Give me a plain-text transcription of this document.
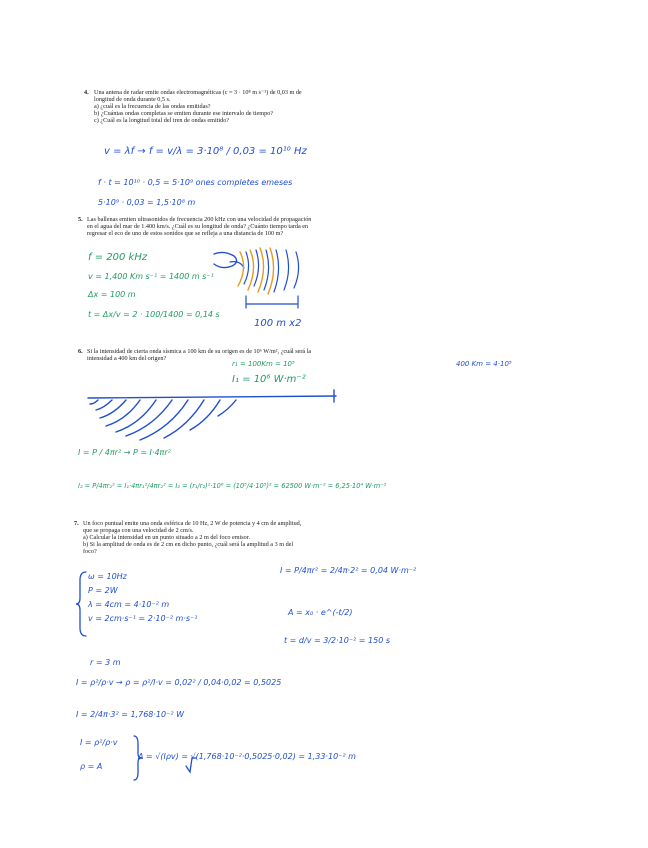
4. Una antena de radar emite ondas electromagnéticas (c = 3 · 10⁸ m s⁻¹) de 0,03 m de
longitud de onda durante 0,5 s.
a) ¿cuál es la frecuencia de las ondas emitidas?
b) ¿Cuántas ondas completas se emiten durante ese intervalo de tiempo?
c) ¿Cuál es la longitud total del tren de ondas emitido?
v = λf → f = v/λ = 3·10⁸ / 0,03 = 10¹⁰ Hz
f · t = 10¹⁰ · 0,5 = 5·10⁹ ones completes emeses
5·10⁹ · 0,03 = 1,5·10⁸ m
5. Las ballenas emiten ultrasonidos de frecuencia 200 kHz con una velocidad de propagación
en el agua del mar de 1.400 km/s. ¿Cuál es su longitud de onda? ¿Cuánto tiempo tarda en
regresar el eco de uno de estos sonidos que se refleja a una distancia de 100 m?
f = 200 kHz
v = 1,400 Km s⁻¹ = 1400 m s⁻¹
Δx = 100 m
t = Δx/v = 2 · 100/1400 = 0,14 s
100 m x2
6. Si la intensidad de cierta onda sísmica a 100 km de su origen es de 10⁶ W/m², ¿cuál será la
intensidad a 400 km del origen?
r₁ = 100Km = 10⁵
I₁ = 10⁶ W·m⁻²
400 Km = 4·10⁵
I = P / 4πr² → P = I·4πr²
I₂ = P/4πr₂² = I₁·4πr₁²/4πr₂² = I₂ = (r₁/r₂)²·10⁶ = (10⁵/4·10⁵)² = 62500 W·m⁻² = 6,25·10⁴ W·m⁻²
7. Un foco puntual emite una onda esférica de 10 Hz, 2 W de potencia y 4 cm de amplitud,
que se propaga con una velocidad de 2 cm/s.
a) Calcular la intensidad en un punto situado a 2 m del foco emisor.
b) Si la amplitud de onda es de 2 cm en dicho punto, ¿cuál será la amplitud a 3 m del
foco?
ω = 10Hz
P = 2W
λ = 4cm = 4·10⁻² m
v = 2cm·s⁻¹ = 2·10⁻² m·s⁻¹
I = P/4πr² = 2/4π·2² = 0,04 W·m⁻²
A = x₀ · e^(-t/2)
t = d/v = 3/2·10⁻² = 150 s
r = 3 m
I = ρ²/ρ·v → ρ = ρ²/I·v = 0,02² / 0,04·0,02 = 0,5025
I = 2/4π·3² = 1,768·10⁻² W
I = ρ²/ρ·v
ρ = A
A = √(Iρv) = √(1,768·10⁻²·0,5025·0,02) = 1,33·10⁻² m
